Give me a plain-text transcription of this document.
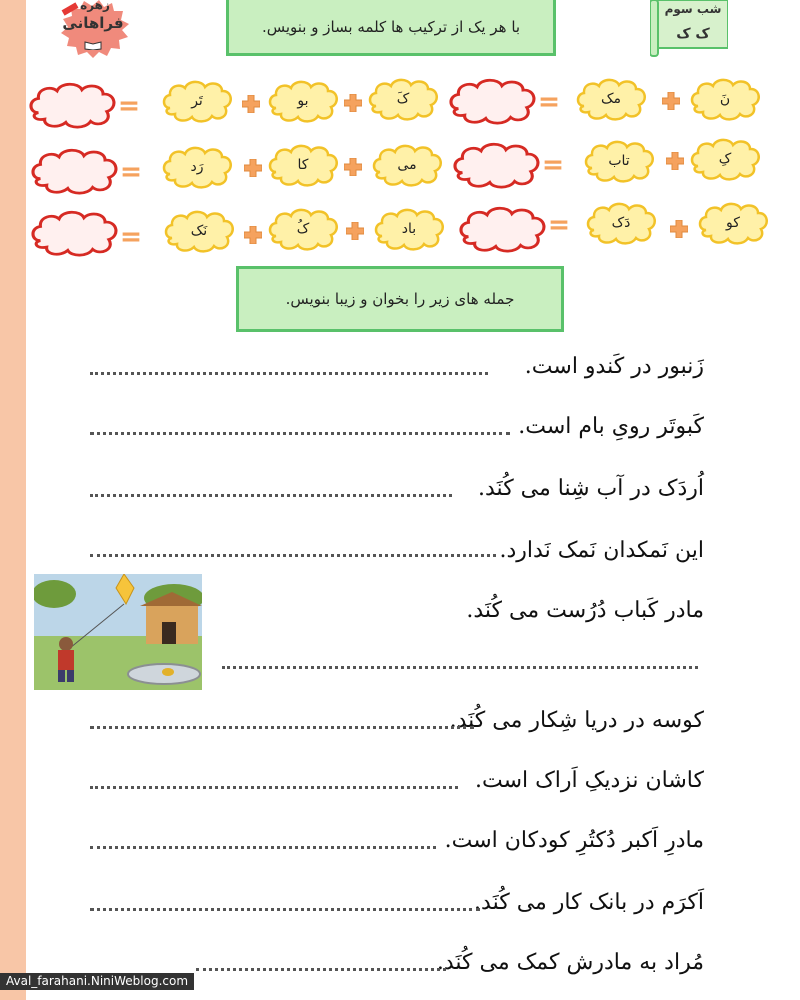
زهره
فراهانی	با هر یک از ترکیب ها کلمه بساز و بنویس.
شب سوم
ک ک
نَ
مک
کَ
بو
تَر
کِ
تاب
می
کا
رَد
کو
دَک
باد
کُ
نَک
جمله های زیر را بخوان و زیبا بنویس.
زَنبور در کَندو است.
کَبوتَر رویِ بام است.
اُردَک در آب شِنا می کُنَد.
این نَمکدان نَمک نَدارد.
مادر کَباب دُرُست می کُنَد.
کوسه در دریا شِکار می کُنَد.
کاشان نزدیکِ اَراک است.
مادرِ اَکبر دُکتُرِ کودکان است.
اَکرَم در بانک کار می کُنَد.
مُراد به مادرش کمک می کُنَد.
Aval_farahani.NiniWeblog.com
